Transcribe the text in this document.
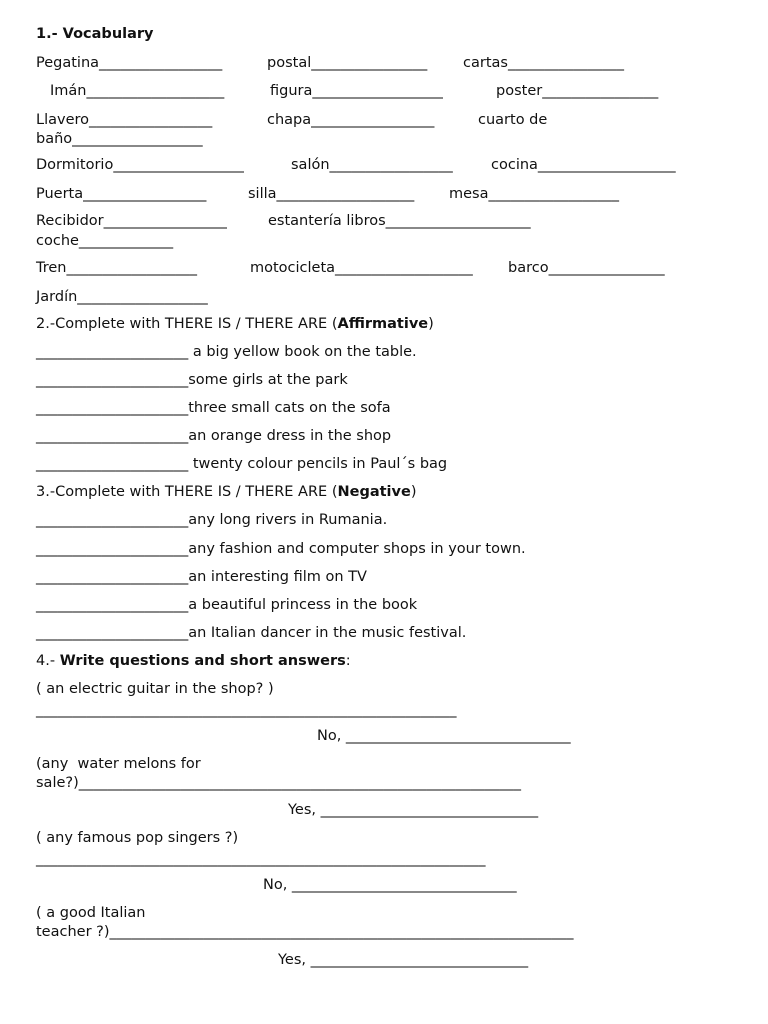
1.- Vocabulary
Pegatina_________________	postal________________ cartas________________
Imán___________________	figura__________________	poster________________
Llavero_________________	chapa_________________	cuarto de
baño__________________
Dormitorio__________________	salón_________________	cocina___________________
Puerta_________________	silla___________________ mesa__________________
Recibidor_________________	estantería libros____________________
coche_____________
Tren__________________	motocicleta___________________ barco________________
Jardín__________________
2.-Complete with THERE IS / THERE ARE (Affirmative)
_____________________ a big yellow book on the table.
_____________________some girls at the park
_____________________three small cats on the sofa
_____________________an orange dress in the shop
_____________________ twenty colour pencils in Paul´s bag
3.-Complete with THERE IS / THERE ARE (Negative)
_____________________any long rivers in Rumania.
_____________________any fashion and computer shops in your town.
_____________________an interesting film on TV
_____________________a beautiful princess in the book
_____________________an Italian dancer in the music festival.
4.- Write questions and short answers:
( an electric guitar in the shop? )
__________________________________________________________
No, _______________________________
(any  water melons for
sale?)_____________________________________________________________
Yes, ______________________________
( any famous pop singers ?)
______________________________________________________________
No, _______________________________
( a good Italian
teacher ?)________________________________________________________________
Yes, ______________________________
